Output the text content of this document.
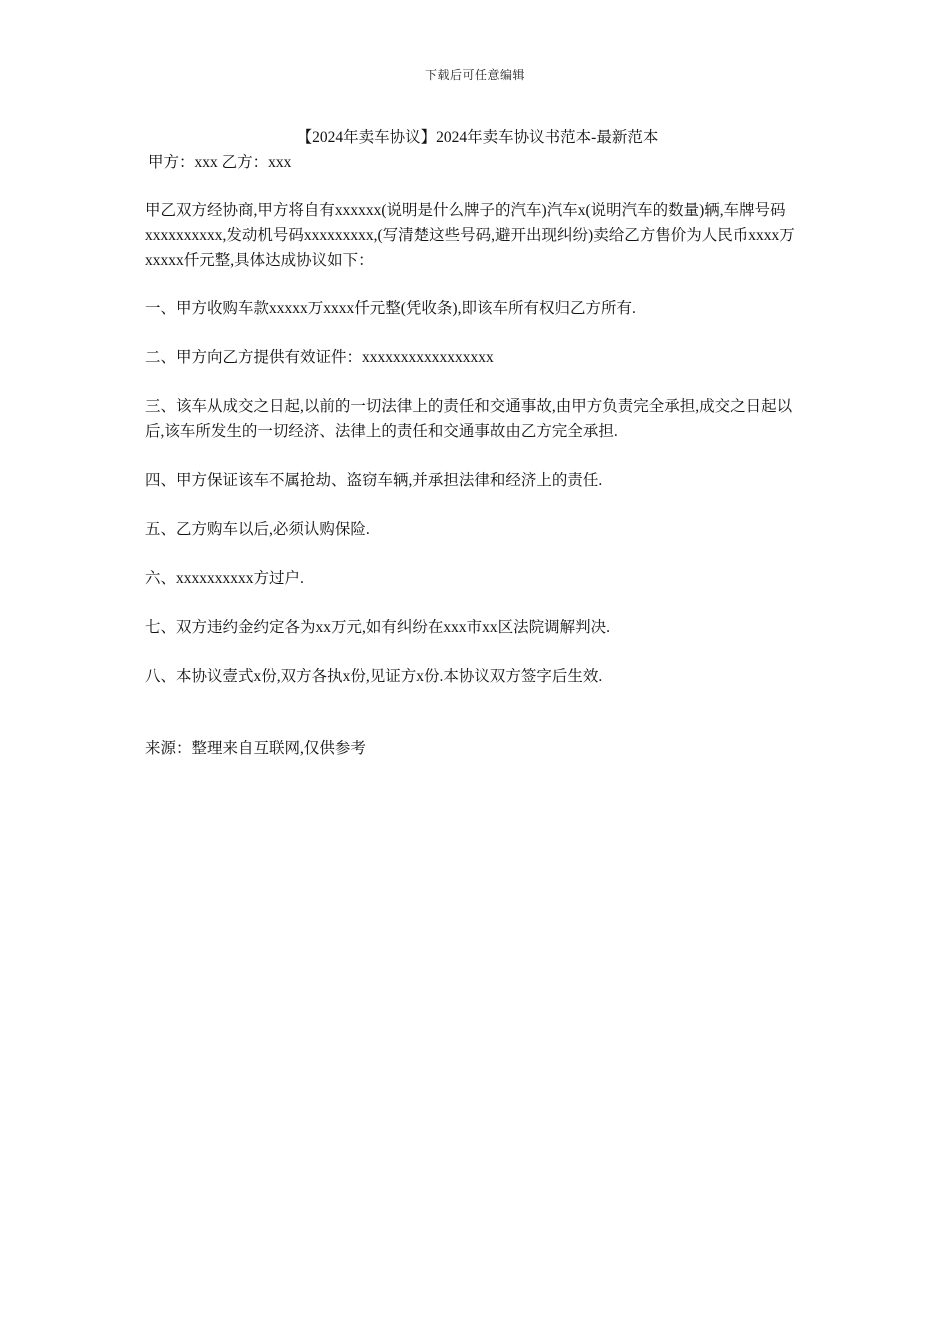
下载后可任意编辑
【2024年卖车协议】2024年卖车协议书范本-最新范本

甲方：xxx 乙方：xxx

甲乙双方经协商,甲方将自有xxxxxx(说明是什么牌子的汽车)汽车x(说明汽车的数量)辆,车牌号码xxxxxxxxxx,发动机号码xxxxxxxxx,(写清楚这些号码,避开出现纠纷)卖给乙方售价为人民币xxxx万xxxxx仟元整,具体达成协议如下：

一、甲方收购车款xxxxx万xxxx仟元整(凭收条),即该车所有权归乙方所有.

二、甲方向乙方提供有效证件：xxxxxxxxxxxxxxxxx

三、该车从成交之日起,以前的一切法律上的责任和交通事故,由甲方负责完全承担,成交之日起以后,该车所发生的一切经济、法律上的责任和交通事故由乙方完全承担.

四、甲方保证该车不属抢劫、盗窃车辆,并承担法律和经济上的责任.

五、乙方购车以后,必须认购保险.

六、xxxxxxxxxx方过户.

七、双方违约金约定各为xx万元,如有纠纷在xxx市xx区法院调解判决.

八、本协议壹式x份,双方各执x份,见证方x份.本协议双方签字后生效.

来源：整理来自互联网,仅供参考
